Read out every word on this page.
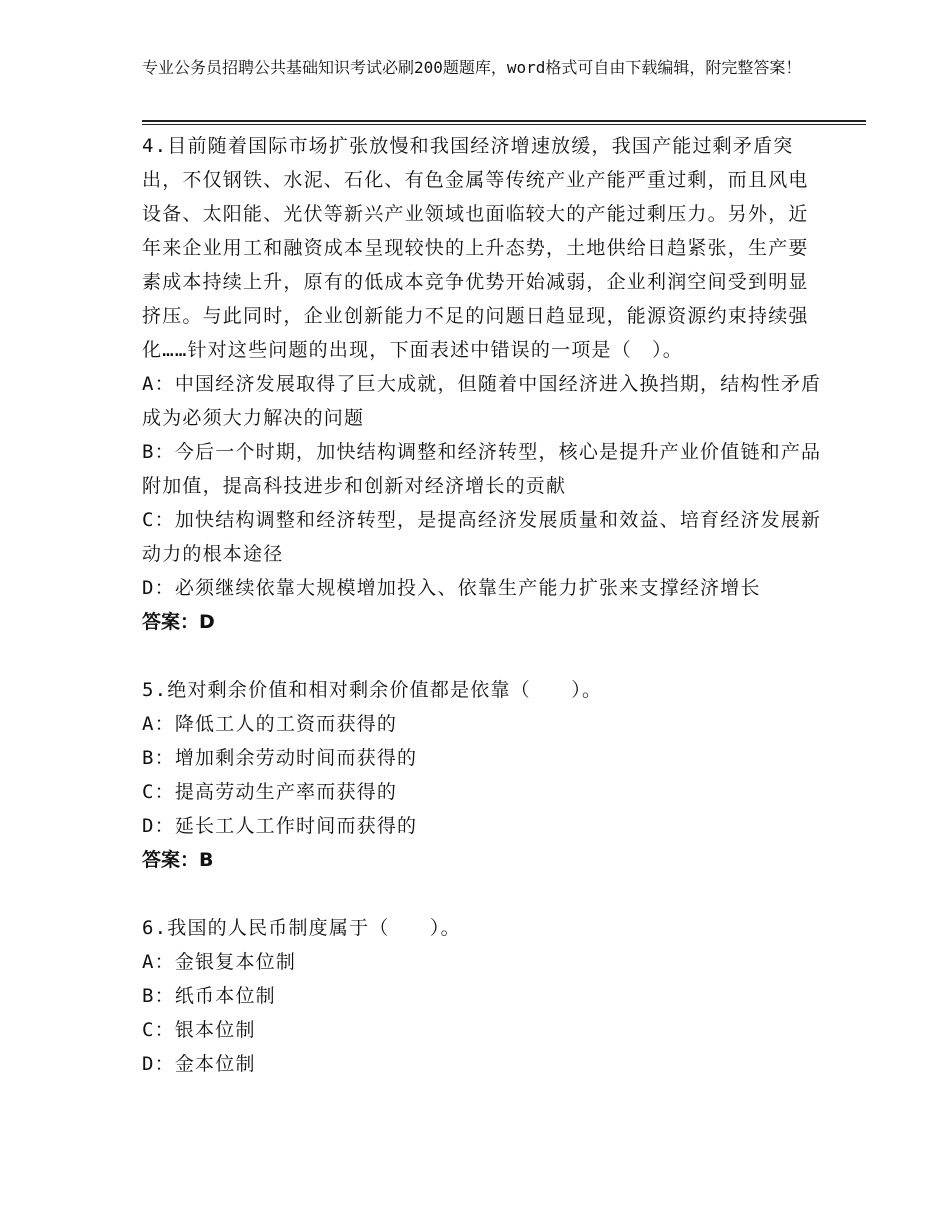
专业公务员招聘公共基础知识考试必刷200题题库，word格式可自由下载编辑，附完整答案！
4.目前随着国际市场扩张放慢和我国经济增速放缓，我国产能过剩矛盾突出，不仅钢铁、水泥、石化、有色金属等传统产业产能严重过剩，而且风电设备、太阳能、光伏等新兴产业领域也面临较大的产能过剩压力。另外，近年来企业用工和融资成本呈现较快的上升态势，土地供给日趋紧张，生产要素成本持续上升，原有的低成本竞争优势开始减弱，企业利润空间受到明显挤压。与此同时，企业创新能力不足的问题日趋显现，能源资源约束持续强化……针对这些问题的出现，下面表述中错误的一项是（　）。
A：中国经济发展取得了巨大成就，但随着中国经济进入换挡期，结构性矛盾成为必须大力解决的问题
B：今后一个时期，加快结构调整和经济转型，核心是提升产业价值链和产品附加值，提高科技进步和创新对经济增长的贡献
C：加快结构调整和经济转型，是提高经济发展质量和效益、培育经济发展新动力的根本途径
D：必须继续依靠大规模增加投入、依靠生产能力扩张来支撑经济增长
答案：D
5.绝对剩余价值和相对剩余价值都是依靠（　　）。
A：降低工人的工资而获得的
B：增加剩余劳动时间而获得的
C：提高劳动生产率而获得的
D：延长工人工作时间而获得的
答案：B
6.我国的人民币制度属于（　　）。
A：金银复本位制
B：纸币本位制
C：银本位制
D：金本位制
